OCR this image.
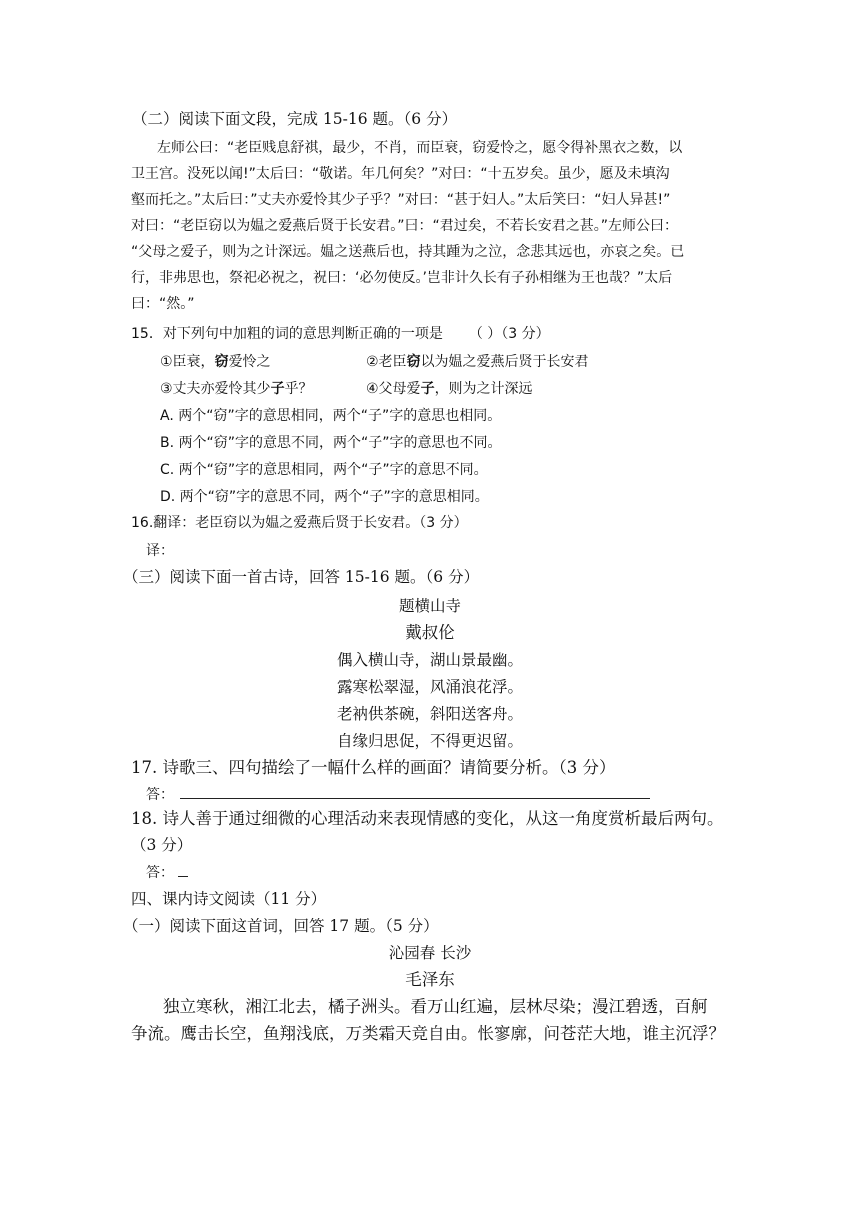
（二）阅读下面文段，完成 15-16 题。（6 分）
左师公曰：“老臣贱息舒祺，最少，不肖，而臣衰，窃爱怜之，愿令得补黑衣之数，以
卫王宫。没死以闻!”太后曰：“敬诺。年几何矣？”对曰：“十五岁矣。虽少，愿及未填沟
壑而托之。”太后曰：”丈夫亦爱怜其少子乎？”对曰：“甚于妇人。”太后笑曰：“妇人异甚!”
对曰：“老臣窃以为媪之爱燕后贤于长安君。”曰：“君过矣，不若长安君之甚。”左师公曰：
“父母之爱子，则为之计深远。媪之送燕后也，持其踵为之泣，念悲其远也，亦哀之矣。已
行，非弗思也，祭祀必祝之，祝曰：‘必勿使反。’岂非计久长有子孙相继为王也哉？”太后
曰：“然。”
15．对下列句中加粗的词的意思判断正确的一项是 （ ）（3 分）
①臣衰，窃爱怜之	②老臣窃以为媪之爱燕后贤于长安君
③丈夫亦爱怜其少子乎？	④父母爱子，则为之计深远
A. 两个“窃”字的意思相同，两个“子”字的意思也相同。
B. 两个“窃”字的意思不同，两个“子”字的意思也不同。
C. 两个“窃”字的意思相同，两个“子”字的意思不同。
D. 两个“窃”字的意思不同，两个“子”字的意思相同。
16.翻译：老臣窃以为媪之爱燕后贤于长安君。（3 分）
译：
（三）阅读下面一首古诗，回答 15-16 题。（6 分）
题横山寺
戴叔伦
偶入横山寺，湖山景最幽。
露寒松翠湿，风涌浪花浮。
老衲供茶碗，斜阳送客舟。
自缘归思促，不得更迟留。
17. 诗歌三、四句描绘了一幅什么样的画面？请简要分析。（3 分）
答：
18. 诗人善于通过细微的心理活动来表现情感的变化，从这一角度赏析最后两句。
（3 分）
答：
四、课内诗文阅读（11 分）
（一）阅读下面这首词，回答 17 题。（5 分）
沁园春 长沙
毛泽东
独立寒秋，湘江北去，橘子洲头。看万山红遍，层林尽染；漫江碧透，百舸
争流。鹰击长空，鱼翔浅底，万类霜天竞自由。怅寥廓，问苍茫大地，谁主沉浮？
